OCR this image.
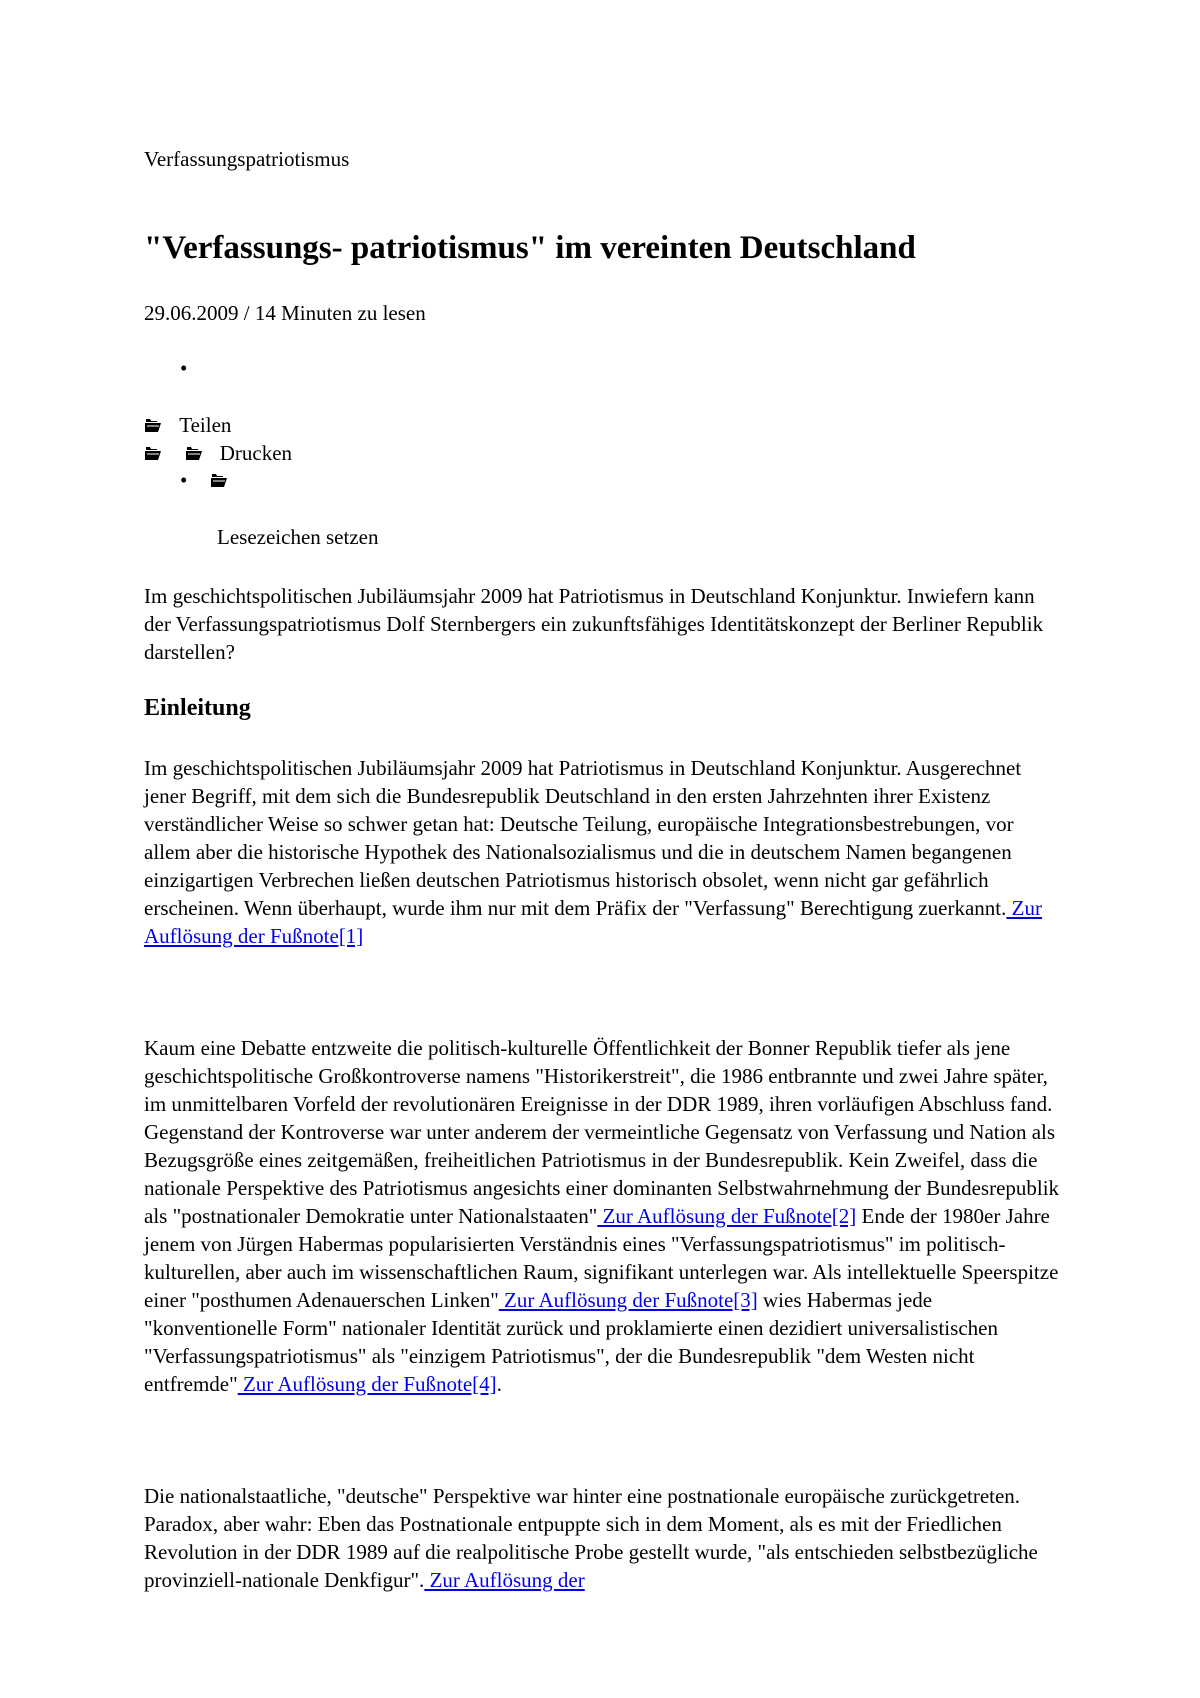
Verfassungspatriotismus
"Verfassungs- patriotismus" im vereinten Deutschland
29.06.2009 / 14 Minuten zu lesen
•
Teilen
Drucken
•
Lesezeichen setzen

Im geschichtspolitischen Jubiläumsjahr 2009 hat Patriotismus in Deutschland Konjunktur. Inwiefern kann der Verfassungspatriotismus Dolf Sternbergers ein zukunftsfähiges Identitätskonzept der Berliner Republik darstellen?

Einleitung

Im geschichtspolitischen Jubiläumsjahr 2009 hat Patriotismus in Deutschland Konjunktur. Ausgerechnet jener Begriff, mit dem sich die Bundesrepublik Deutschland in den ersten Jahrzehnten ihrer Existenz verständlicher Weise so schwer getan hat: Deutsche Teilung, europäische Integrationsbestrebungen, vor allem aber die historische Hypothek des Nationalsozialismus und die in deutschem Namen begangenen einzigartigen Verbrechen ließen deutschen Patriotismus historisch obsolet, wenn nicht gar gefährlich erscheinen. Wenn überhaupt, wurde ihm nur mit dem Präfix der "Verfassung" Berechtigung zuerkannt. Zur Auflösung der Fußnote[1]

Kaum eine Debatte entzweite die politisch-kulturelle Öffentlichkeit der Bonner Republik tiefer als jene geschichtspolitische Großkontroverse namens "Historikerstreit", die 1986 entbrannte und zwei Jahre später, im unmittelbaren Vorfeld der revolutionären Ereignisse in der DDR 1989, ihren vorläufigen Abschluss fand. Gegenstand der Kontroverse war unter anderem der vermeintliche Gegensatz von Verfassung und Nation als Bezugsgröße eines zeitgemäßen, freiheitlichen Patriotismus in der Bundesrepublik. Kein Zweifel, dass die nationale Perspektive des Patriotismus angesichts einer dominanten Selbstwahrnehmung der Bundesrepublik als "postnationaler Demokratie unter Nationalstaaten" Zur Auflösung der Fußnote[2] Ende der 1980er Jahre jenem von Jürgen Habermas popularisierten Verständnis eines "Verfassungspatriotismus" im politisch-kulturellen, aber auch im wissenschaftlichen Raum, signifikant unterlegen war. Als intellektuelle Speerspitze einer "posthumen Adenauerschen Linken" Zur Auflösung der Fußnote[3] wies Habermas jede "konventionelle Form" nationaler Identität zurück und proklamierte einen dezidiert universalistischen "Verfassungspatriotismus" als "einzigem Patriotismus", der die Bundesrepublik "dem Westen nicht entfremde" Zur Auflösung der Fußnote[4].

Die nationalstaatliche, "deutsche" Perspektive war hinter eine postnationale europäische zurückgetreten. Paradox, aber wahr: Eben das Postnationale entpuppte sich in dem Moment, als es mit der Friedlichen Revolution in der DDR 1989 auf die realpolitische Probe gestellt wurde, "als entschieden selbstbezügliche provinziell-nationale Denkfigur". Zur Auflösung der
